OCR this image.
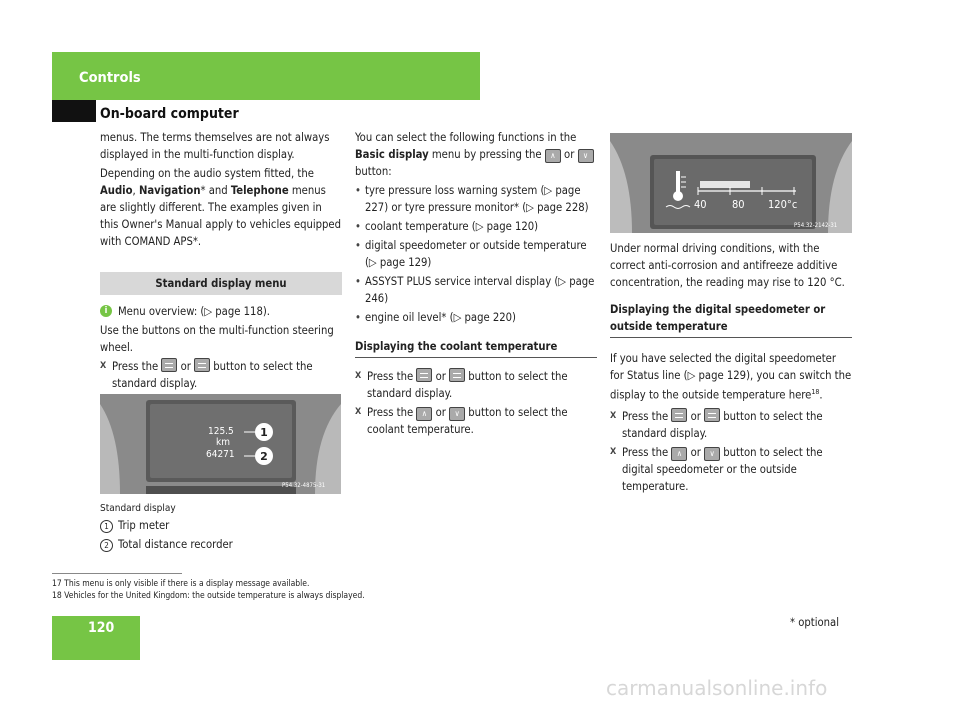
Controls
On-board computer

menus. The terms themselves are not always displayed in the multi-function display.

Depending on the audio system fitted, the Audio, Navigation* and Telephone menus are slightly different. The examples given in this Owner's Manual apply to vehicles equipped with COMAND APS*.

Standard display menu

i Menu overview: (▷ page 118).

Use the buttons on the multi-function steering wheel.

X Press the or button to select the standard display.
1
2
125.5
km
64271
P54.32-4875-31
Standard display
1 Trip meter
2 Total distance recorder

You can select the following functions in the Basic display menu by pressing the ∧ or ∨ button:

• tyre pressure loss warning system (▷ page 227) or tyre pressure monitor* (▷ page 228)

• coolant temperature (▷ page 120)

• digital speedometer or outside temperature (▷ page 129)

• ASSYST PLUS service interval display (▷ page 246)

• engine oil level* (▷ page 220)

Displaying the coolant temperature
X Press the or button to select the standard display.
X Press the ∧ or ∨ button to select the coolant temperature.
40 80 120°c
P54.32-2142-31

Under normal driving conditions, with the correct anti-corrosion and antifreeze additive concentration, the reading may rise to 120 °C.

Displaying the digital speedometer or outside temperature

If you have selected the digital speedometer for Status line (▷ page 129), you can switch the display to the outside temperature here$^{18}$.

X Press the or button to select the standard display.
X Press the ∧ or ∨ button to select the digital speedometer or the outside temperature.
17 This menu is only visible if there is a display message available.
18 Vehicles for the United Kingdom: the outside temperature is always displayed.
120	* optional
carmanualsonline.info
